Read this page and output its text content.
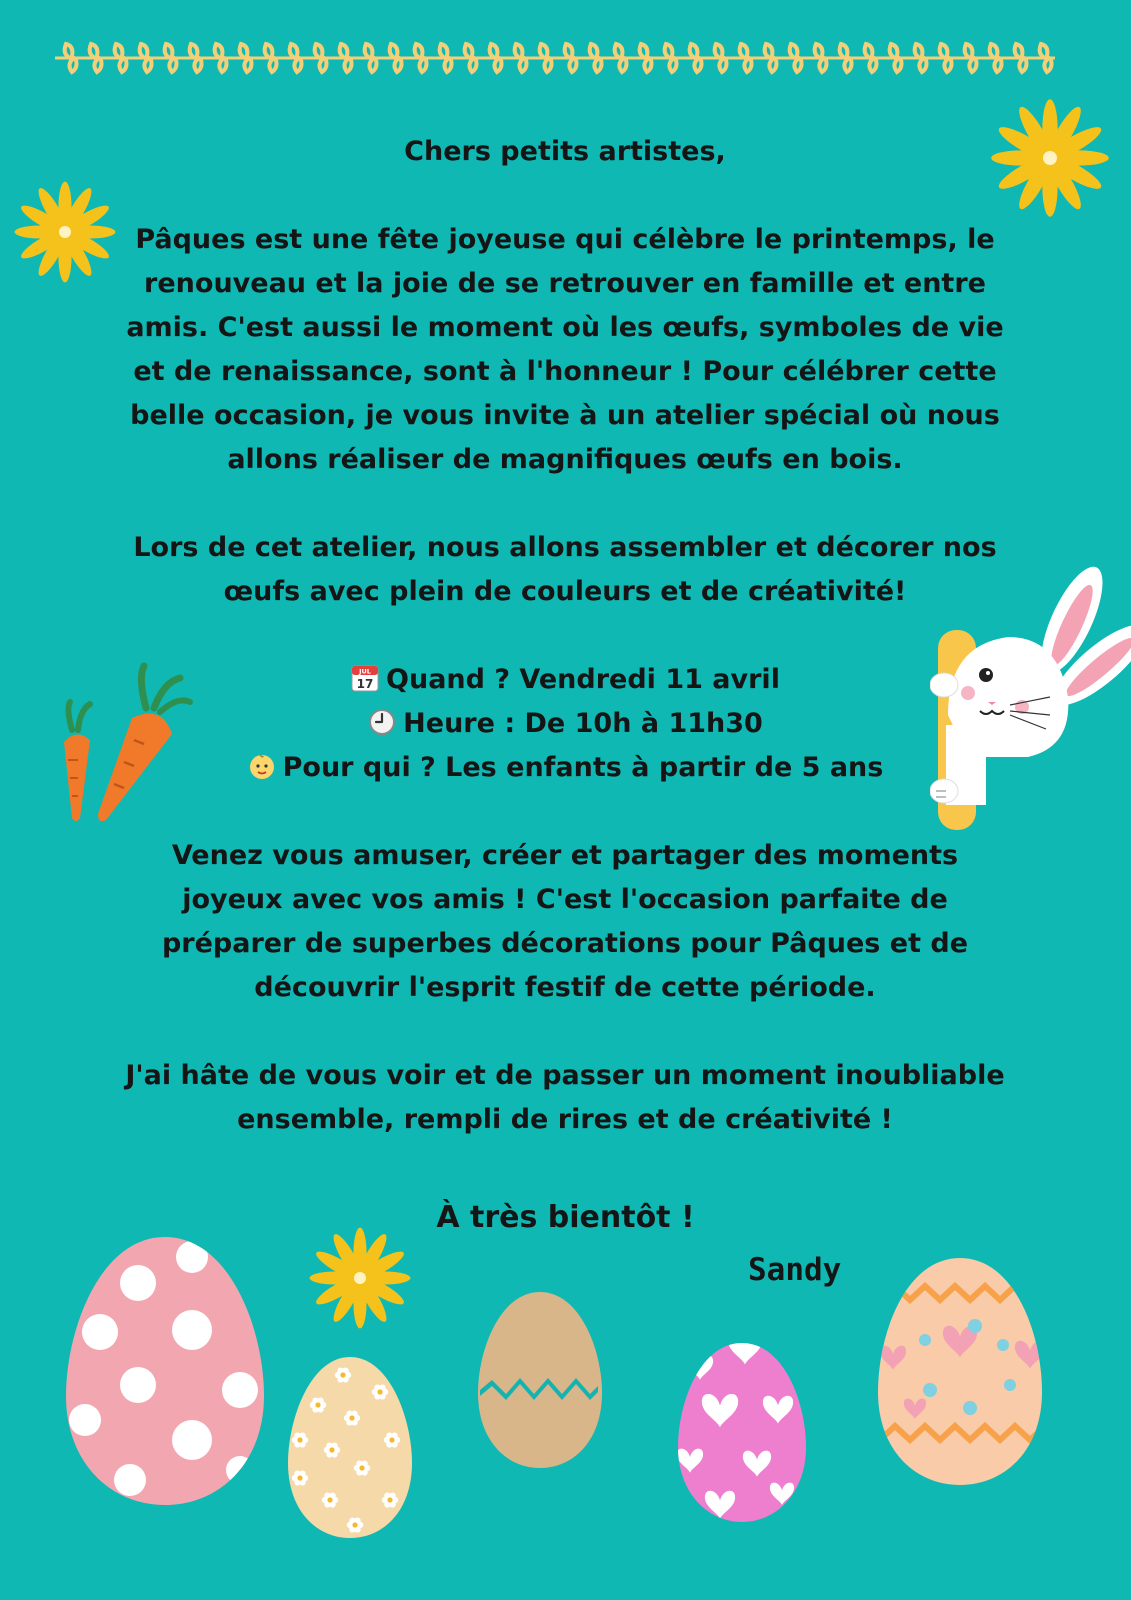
Chers petits artistes,

Pâques est une fête joyeuse qui célèbre le printemps, le renouveau et la joie de se retrouver en famille et entre amis. C'est aussi le moment où les œufs, symboles de vie et de renaissance, sont à l'honneur ! Pour célébrer cette belle occasion, je vous invite à un atelier spécial où nous allons réaliser de magnifiques œufs en bois.

Lors de cet atelier, nous allons assembler et décorer nos œufs avec plein de couleurs et de créativité!

JUL
17 Quand ? Vendredi 11 avril

Heure : De 10h à 11h30

Pour qui ? Les enfants à partir de 5 ans

Venez vous amuser, créer et partager des moments joyeux avec vos amis ! C'est l'occasion parfaite de préparer de superbes décorations pour Pâques et de découvrir l'esprit festif de cette période.

J'ai hâte de vous voir et de passer un moment inoubliable ensemble, rempli de rires et de créativité !

À très bientôt !
Sandy
